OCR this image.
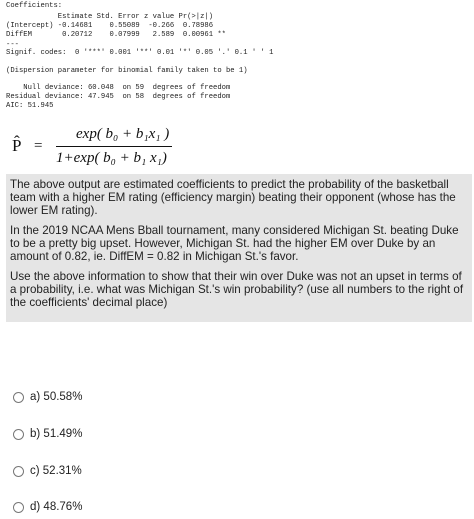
Coefficients:
Estimate Std. Error z value Pr(>|z|)
(Intercept) -0.14681    0.55089  -0.266  0.78986
DiffEM       0.20712    0.07999   2.589  0.00961 **
---
Signif. codes:  0 '***' 0.001 '**' 0.01 '*' 0.05 '.' 0.1 ' ' 1
(Dispersion parameter for binomial family taken to be 1)
Null deviance: 60.048  on 59  degrees of freedom
Residual deviance: 47.945  on 58  degrees of freedom
AIC: 51.945
P̂ =
exp( b₀ + b₁x₁ )
1+exp( b₀ + b₁ x₁)

The above output are estimated coefficients to predict the probability of the basketball team with a higher EM rating (efficiency margin) beating their opponent (whose has the lower EM rating).

In the 2019 NCAA Mens Bball tournament, many considered Michigan St. beating Duke to be a pretty big upset. However, Michigan St. had the higher EM over Duke by an amount of 0.82, ie. DiffEM = 0.82 in Michigan St.'s favor.

Use the above information to show that their win over Duke was not an upset in terms of a probability, i.e. what was Michigan St.'s win probability? (use all numbers to the right of the coefficients' decimal place)

a) 50.58%
b) 51.49%
c) 52.31%
d) 48.76%
